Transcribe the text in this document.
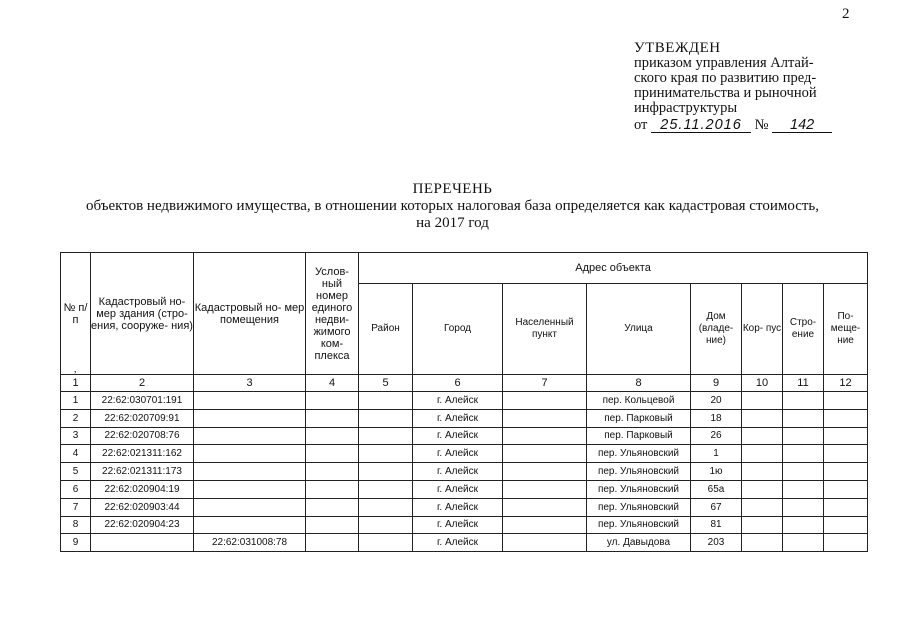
2
УТВЕЖДЕН
приказом управления Алтай-
ского края по развитию пред-
принимательства и рыночной
инфраструктуры
от 25.11.2016 № 142
ПЕРЕЧЕНЬ
объектов недвижимого имущества, в отношении которых налоговая база определяется как кадастровая стоимость,
на 2017 год
№ п/п	Кадастровый но- мер здания (стро- ения, сооруже- ния)	Кадастровый но- мер помещения	Услов- ный номер единого недви- жимого ком- плекса	Адрес объекта							
				Район	Город	Населенный пункт	Улица	Дом (владе- ние)	Кор- пус	Стро- ение	По- меще- ние
1	2	3	4	5	6	7	8	9	10	11	12
1	22:62:030701:191				г. Алейск		пер. Кольцевой	20			
2	22:62:020709:91				г. Алейск		пер. Парковый	18			
3	22:62:020708:76				г. Алейск		пер. Парковый	26			
4	22:62:021311:162				г. Алейск		пер. Ульяновский	1			
5	22:62:021311:173				г. Алейск		пер. Ульяновский	1ю			
6	22:62:020904:19				г. Алейск		пер. Ульяновский	65а			
7	22:62:020903:44				г. Алейск		пер. Ульяновский	67			
8	22:62:020904:23				г. Алейск		пер. Ульяновский	81			
9		22:62:031008:78			г. Алейск		ул. Давыдова	203			
,
